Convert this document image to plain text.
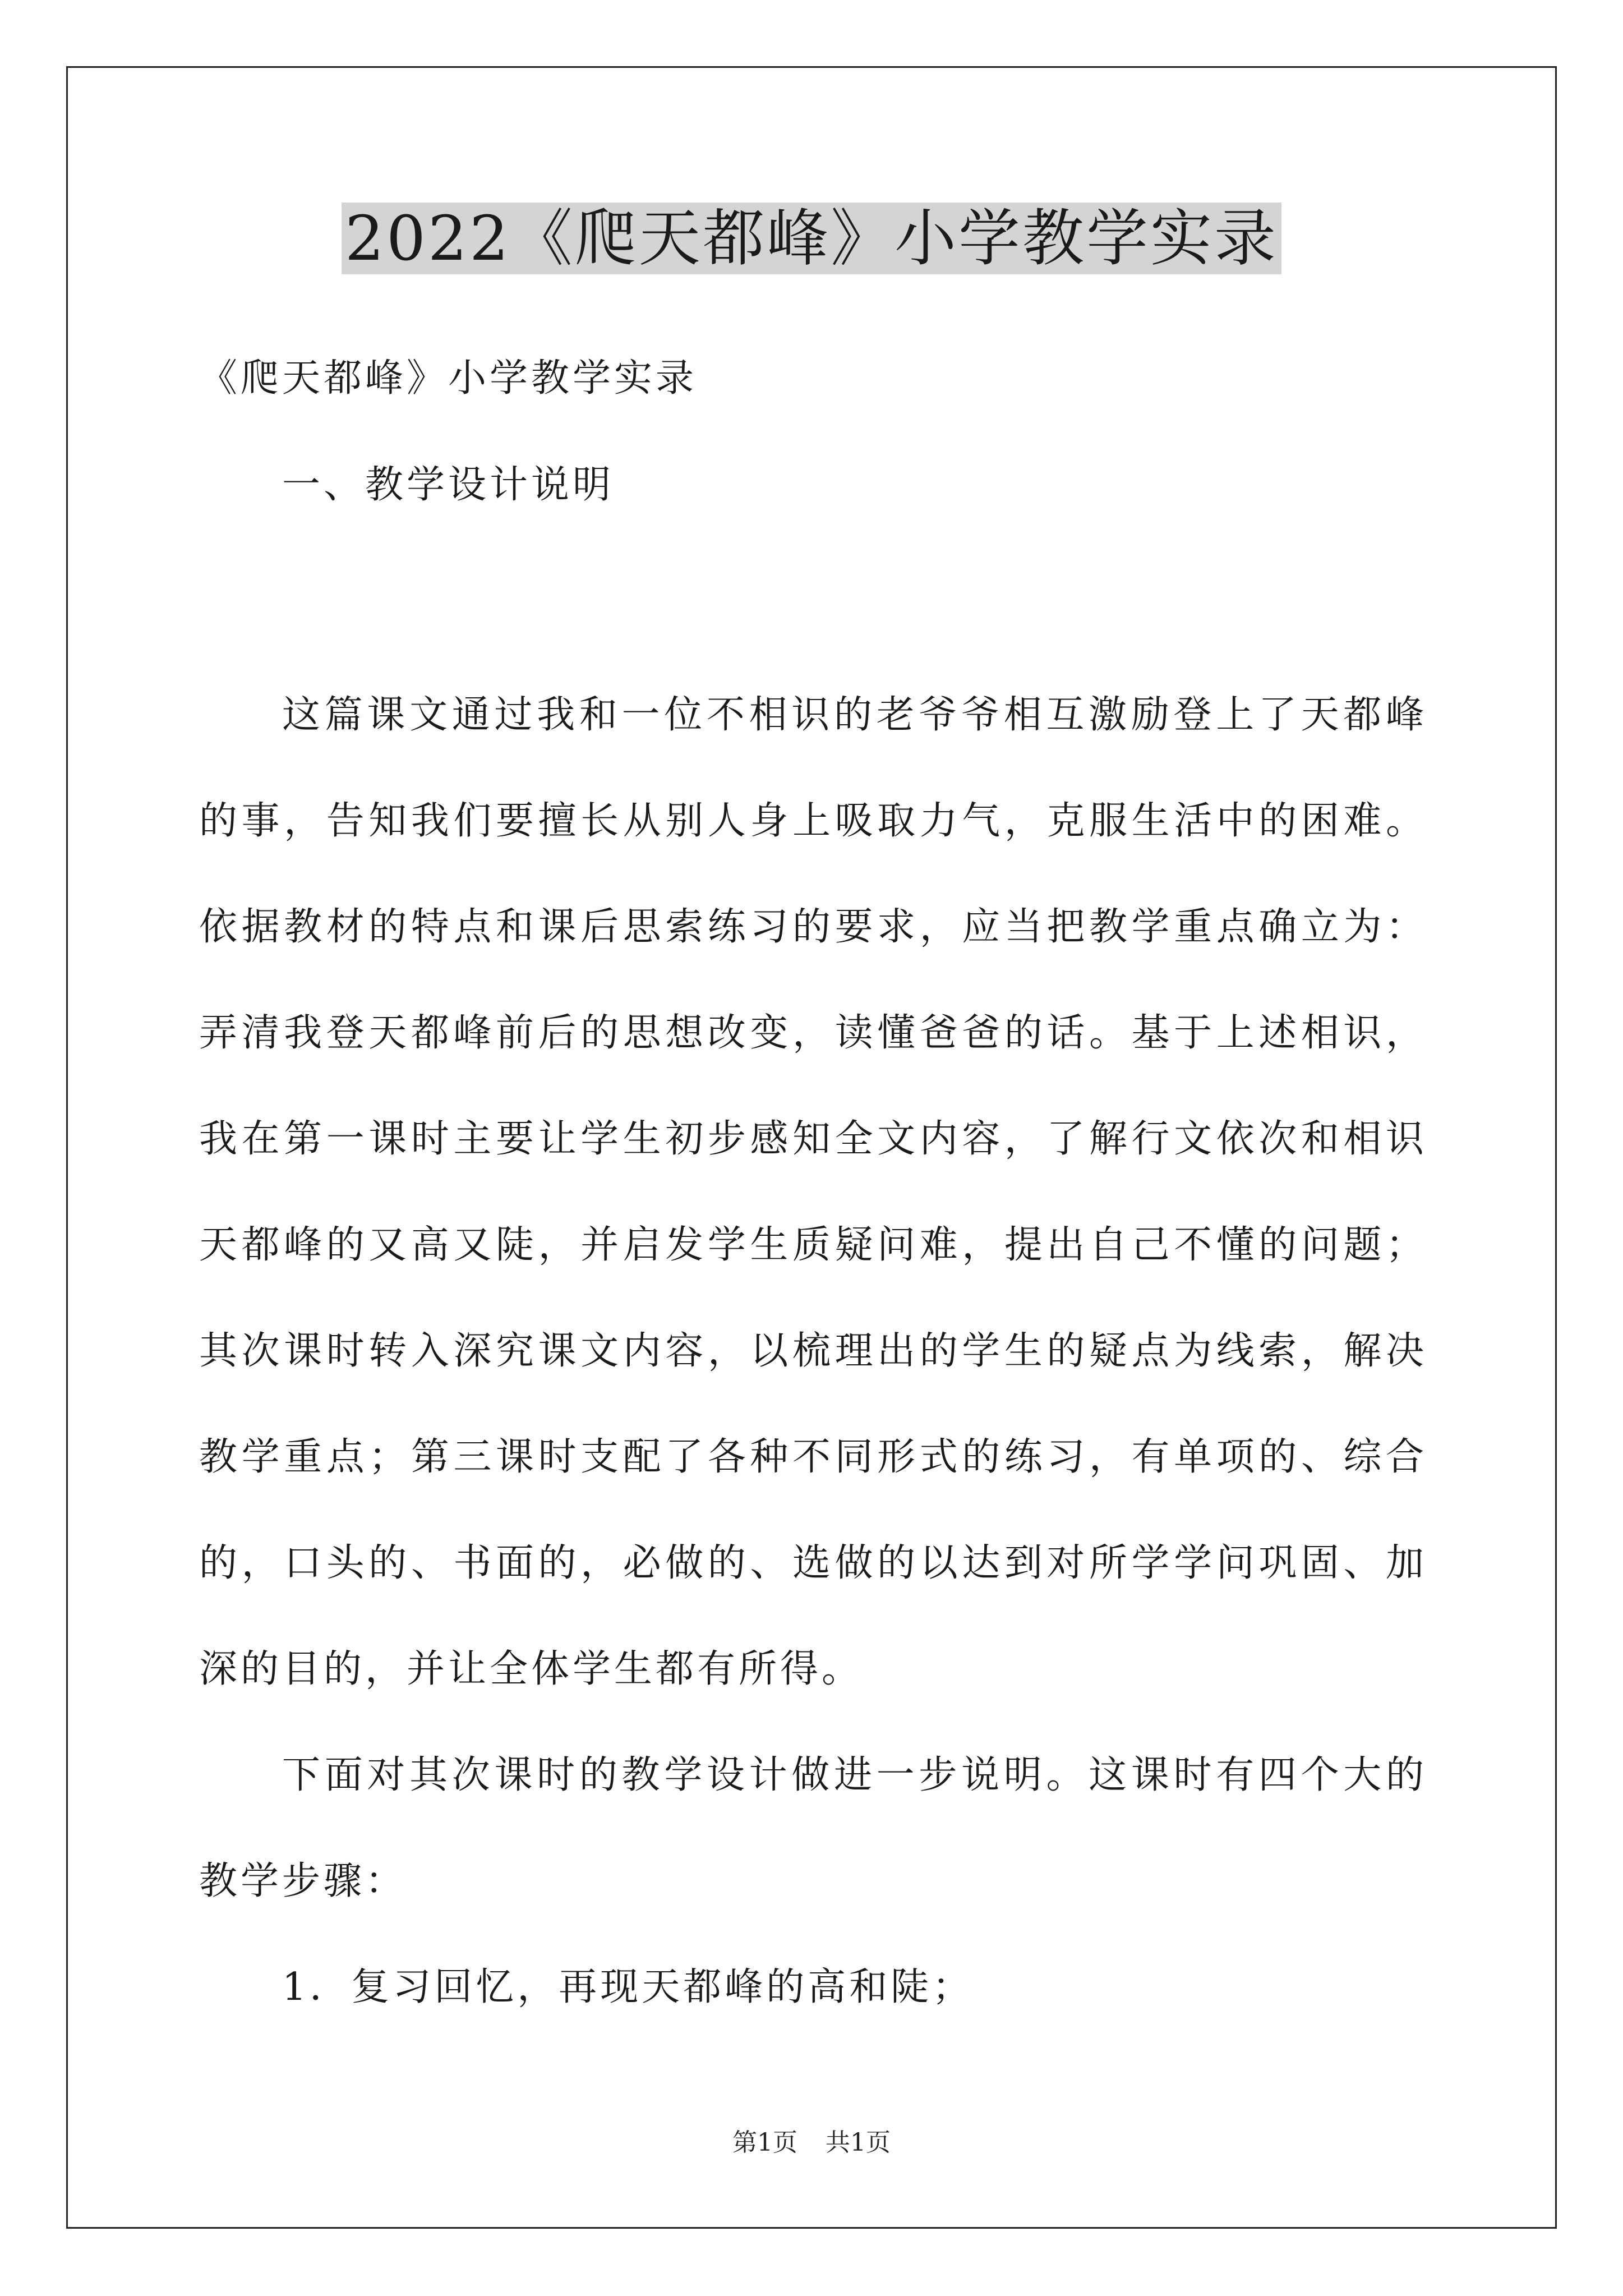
2022《爬天都峰》小学教学实录

《爬天都峰》小学教学实录

一、教学设计说明

这篇课文通过我和一位不相识的老爷爷相互激励登上了天都峰的事，告知我们要擅长从别人身上吸取力气，克服生活中的困难。依据教材的特点和课后思索练习的要求，应当把教学重点确立为：弄清我登天都峰前后的思想改变，读懂爸爸的话。基于上述相识，我在第一课时主要让学生初步感知全文内容，了解行文依次和相识天都峰的又高又陡，并启发学生质疑问难，提出自己不懂的问题；其次课时转入深究课文内容，以梳理出的学生的疑点为线索，解决教学重点；第三课时支配了各种不同形式的练习，有单项的、综合的，口头的、书面的，必做的、选做的以达到对所学学问巩固、加深的目的，并让全体学生都有所得。

下面对其次课时的教学设计做进一步说明。这课时有四个大的教学步骤：

1．复习回忆，再现天都峰的高和陡；

第1页 共1页
